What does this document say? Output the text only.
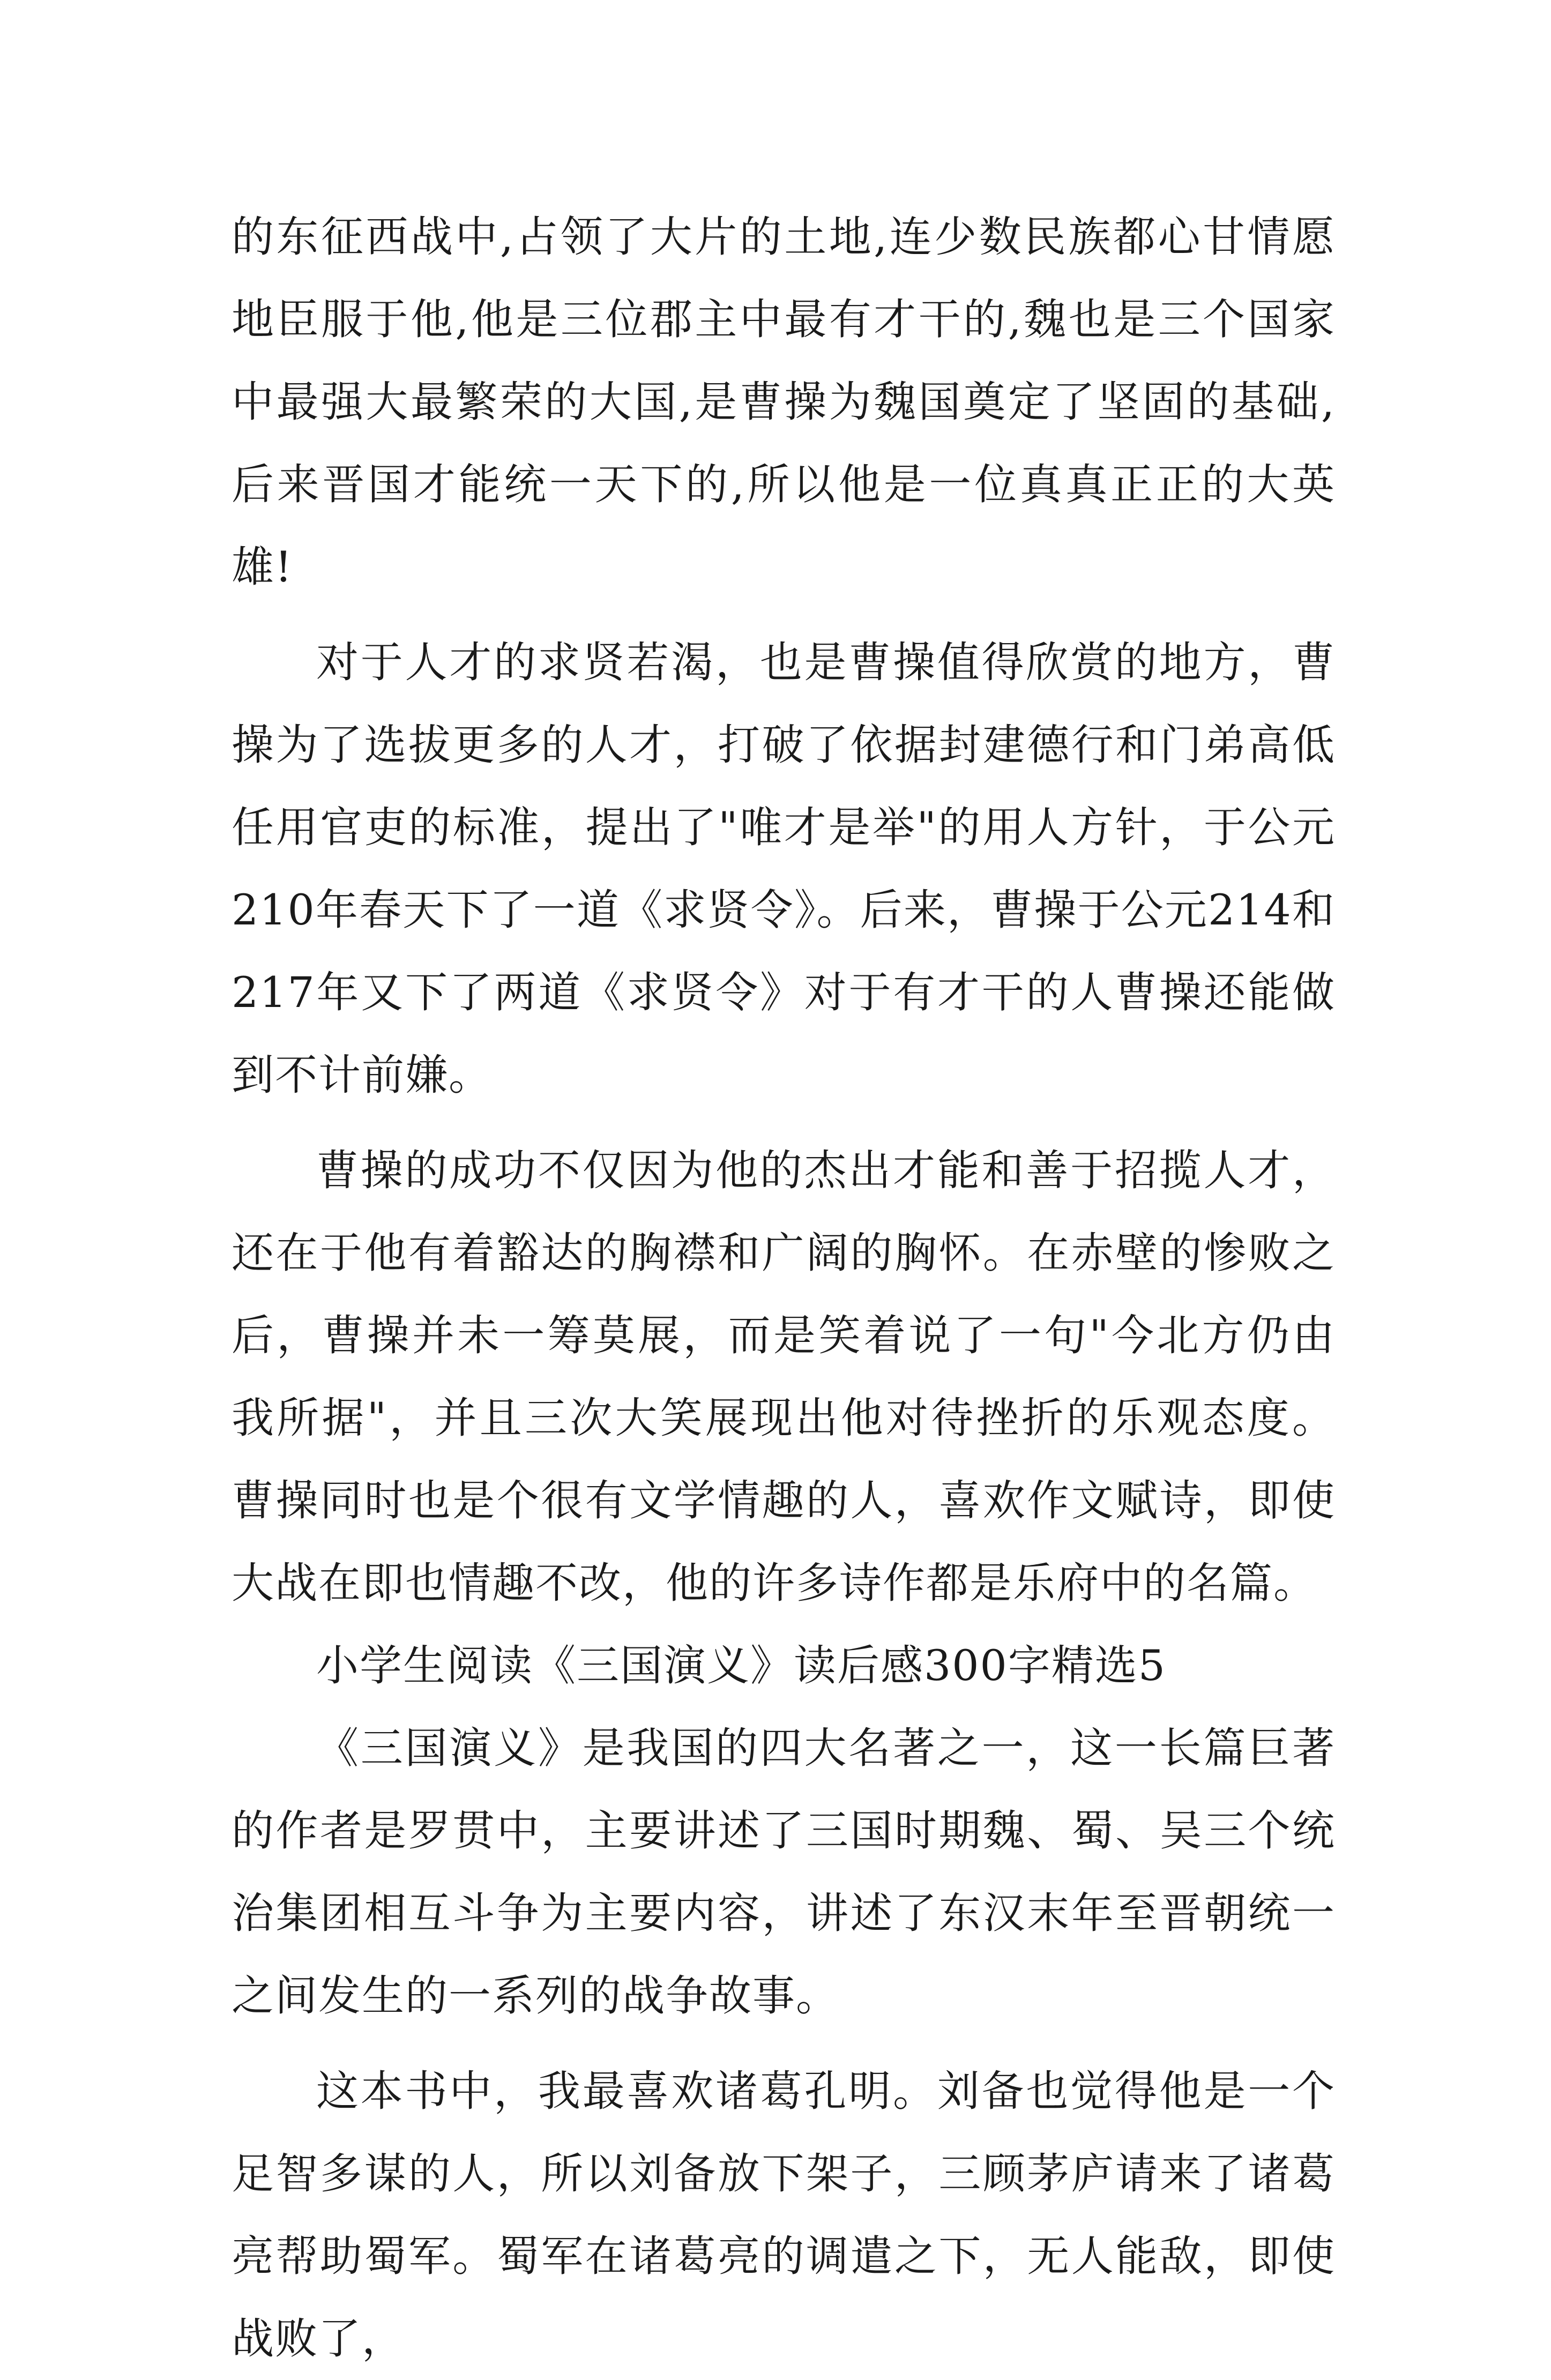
的东征西战中,占领了大片的土地,连少数民族都心甘情愿地臣服于他,他是三位郡主中最有才干的,魏也是三个国家中最强大最繁荣的大国,是曹操为魏国奠定了坚固的基础,后来晋国才能统一天下的,所以他是一位真真正正的大英雄!

对于人才的求贤若渴，也是曹操值得欣赏的地方，曹操为了选拔更多的人才，打破了依据封建德行和门弟高低任用官吏的标准，提出了"唯才是举"的用人方针，于公元210年春天下了一道《求贤令》。后来，曹操于公元214和217年又下了两道《求贤令》对于有才干的人曹操还能做到不计前嫌。

曹操的成功不仅因为他的杰出才能和善于招揽人才，还在于他有着豁达的胸襟和广阔的胸怀。在赤壁的惨败之后，曹操并未一筹莫展，而是笑着说了一句"今北方仍由我所据"，并且三次大笑展现出他对待挫折的乐观态度。曹操同时也是个很有文学情趣的人，喜欢作文赋诗，即使大战在即也情趣不改，他的许多诗作都是乐府中的名篇。

小学生阅读《三国演义》读后感300字精选5

《三国演义》是我国的四大名著之一，这一长篇巨著的作者是罗贯中，主要讲述了三国时期魏、蜀、吴三个统治集团相互斗争为主要内容，讲述了东汉末年至晋朝统一之间发生的一系列的战争故事。

这本书中，我最喜欢诸葛孔明。刘备也觉得他是一个足智多谋的人，所以刘备放下架子，三顾茅庐请来了诸葛亮帮助蜀军。蜀军在诸葛亮的调遣之下，无人能敌，即使战败了，
